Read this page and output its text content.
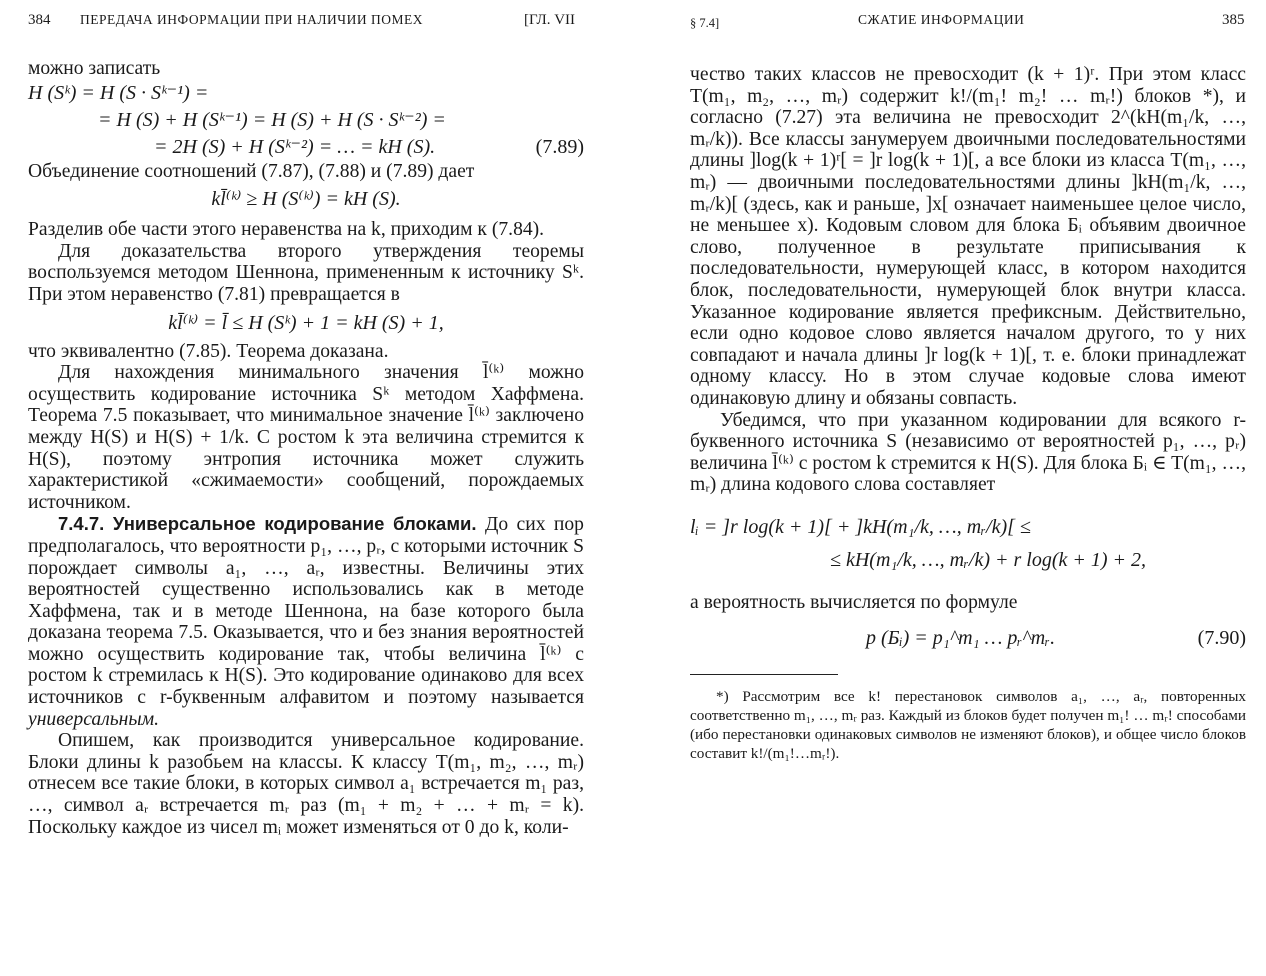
384 ПЕРЕДАЧА ИНФОРМАЦИИ ПРИ НАЛИЧИИ ПОМЕХ	[ГЛ. VII

можно записать

H (Sᵏ) = H (S · Sᵏ⁻¹) =
= H (S) + H (Sᵏ⁻¹) = H (S) + H (S · Sᵏ⁻²) =
(7.89)
= 2H (S) + H (Sᵏ⁻²) = … = kH (S).

Объединение соотношений (7.87), (7.88) и (7.89) дает

kl̄⁽ᵏ⁾ ≥ H (S⁽ᵏ⁾) = kH (S).

Разделив обе части этого неравенства на k, приходим к (7.84).

Для доказательства второго утверждения теоремы воспользуемся методом Шеннона, примененным к источнику Sᵏ. При этом неравенство (7.81) превращается в

kl̄⁽ᵏ⁾ = l̄ ≤ H (Sᵏ) + 1 = kH (S) + 1,

что эквивалентно (7.85). Теорема доказана.

Для нахождения минимального значения l̄⁽ᵏ⁾ можно осуществить кодирование источника Sᵏ методом Хаффмена. Теорема 7.5 показывает, что минимальное значение l̄⁽ᵏ⁾ заключено между H(S) и H(S) + 1/k. С ростом k эта величина стремится к H(S), поэтому энтропия источника может служить характеристикой «сжимаемости» сообщений, порождаемых источником.

7.4.7. Универсальное кодирование блоками. До сих пор предполагалось, что вероятности p₁, …, pᵣ, с которыми источник S порождает символы a₁, …, aᵣ, известны. Величины этих вероятностей существенно использовались как в методе Хаффмена, так и в методе Шеннона, на базе которого была доказана теорема 7.5. Оказывается, что и без знания вероятностей можно осуществить кодирование так, чтобы величина l̄⁽ᵏ⁾ с ростом k стремилась к H(S). Это кодирование одинаково для всех источников с r-буквенным алфавитом и поэтому называется универсальным.

Опишем, как производится универсальное кодирование. Блоки длины k разобьем на классы. К классу T(m₁, m₂, …, mᵣ) отнесем все такие блоки, в которых символ a₁ встречается m₁ раз, …, символ aᵣ встречается mᵣ раз (m₁ + m₂ + … + mᵣ = k). Поскольку каждое из чисел mᵢ может изменяться от 0 до k, коли-

§ 7.4]	СЖАТИЕ ИНФОРМАЦИИ	385

чество таких классов не превосходит (k + 1)ʳ. При этом класс T(m₁, m₂, …, mᵣ) содержит k!/(m₁! m₂! … mᵣ!) блоков *), и согласно (7.27) эта величина не превосходит 2^(kH(m₁/k, …, mᵣ/k)). Все классы занумеруем двоичными последовательностями длины ]log(k + 1)ʳ[ = ]r log(k + 1)[, а все блоки из класса T(m₁, …, mᵣ) — двоичными последовательностями длины ]kH(m₁/k, …, mᵣ/k)[ (здесь, как и раньше, ]x[ означает наименьшее целое число, не меньшее x). Кодовым словом для блока Бᵢ объявим двоичное слово, полученное в результате приписывания к последовательности, нумерующей класс, в котором находится блок, последовательности, нумерующей блок внутри класса. Указанное кодирование является префиксным. Действительно, если одно кодовое слово является началом другого, то у них совпадают и начала длины ]r log(k + 1)[, т. е. блоки принадлежат одному классу. Но в этом случае кодовые слова имеют одинаковую длину и обязаны совпасть.

Убедимся, что при указанном кодировании для всякого r-буквенного источника S (независимо от вероятностей p₁, …, pᵣ) величина l̄⁽ᵏ⁾ с ростом k стремится к H(S). Для блока Бᵢ ∈ T(m₁, …, mᵣ) длина кодового слова составляет

lᵢ = ]r log(k + 1)[ + ]kH(m₁/k, …, mᵣ/k)[ ≤
≤ kH(m₁/k, …, mᵣ/k) + r log(k + 1) + 2,

а вероятность вычисляется по формуле

(7.90)
p (Бᵢ) = p₁^m₁ … pᵣ^mᵣ.

*) Рассмотрим все k! перестановок символов a₁, …, aᵣ, повторенных соответственно m₁, …, mᵣ раз. Каждый из блоков будет получен m₁! … mᵣ! способами (ибо перестановки одинаковых символов не изменяют блоков), и общее число блоков составит k!/(m₁!…mᵣ!).
